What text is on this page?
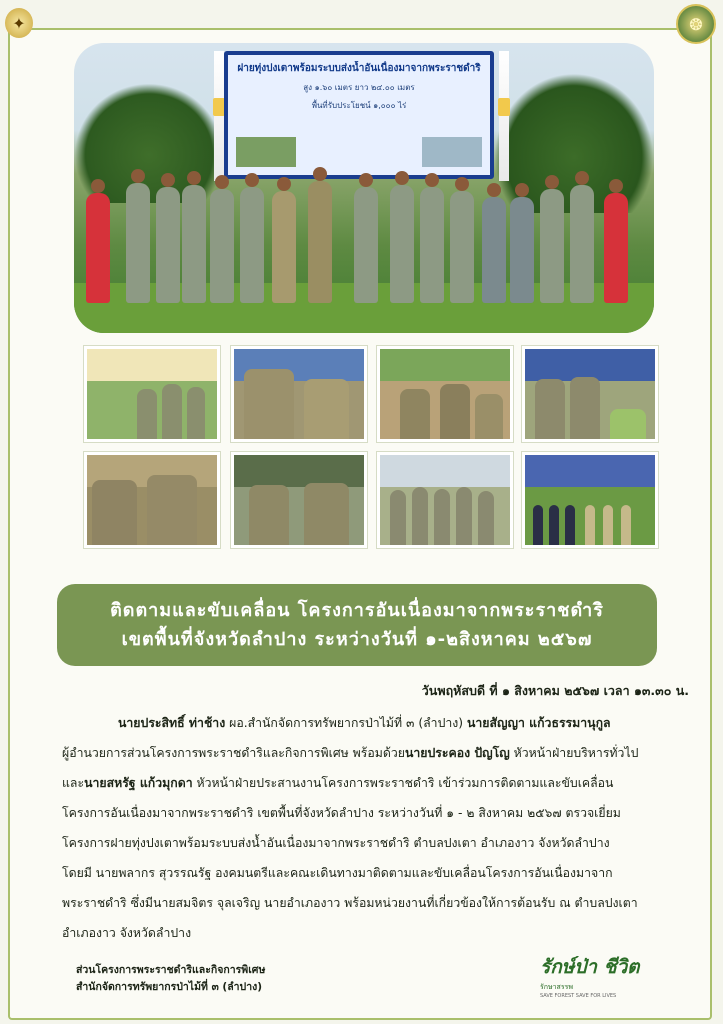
✦	❂
ฝายทุ่งปงเตาพร้อมระบบส่งน้ำอันเนื่องมาจากพระราชดำริ
สูง ๑.๖๐ เมตร ยาว ๒๔.๐๐ เมตร
พื้นที่รับประโยชน์ ๑,๐๐๐ ไร่
ติดตามและขับเคลื่อน โครงการอันเนื่องมาจากพระราชดำริ
เขตพื้นที่จังหวัดลำปาง ระหว่างวันที่ ๑-๒สิงหาคม ๒๕๖๗
วันพฤหัสบดี ที่ ๑ สิงหาคม ๒๕๖๗ เวลา ๑๓.๓๐ น.

นายประสิทธิ์ ท่าช้าง ผอ.สำนักจัดการทรัพยากรป่าไม้ที่ ๓ (ลำปาง) นายสัญญา แก้วธรรมานุกูล

ผู้อำนวยการส่วนโครงการพระราชดำริและกิจการพิเศษ พร้อมด้วยนายประคอง ปัญโญ หัวหน้าฝ่ายบริหารทั่วไป

และนายสหรัฐ แก้วมุกดา หัวหน้าฝ่ายประสานงานโครงการพระราชดำริ เข้าร่วมการติดตามและขับเคลื่อน

โครงการอันเนื่องมาจากพระราชดำริ เขตพื้นที่จังหวัดลำปาง ระหว่างวันที่ ๑ - ๒ สิงหาคม ๒๕๖๗ ตรวจเยี่ยม

โครงการฝายทุ่งปงเตาพร้อมระบบส่งน้ำอันเนื่องมาจากพระราชดำริ ตำบลปงเตา อำเภองาว จังหวัดลำปาง

โดยมี นายพลากร สุวรรณรัฐ องคมนตรีและคณะเดินทางมาติดตามและขับเคลื่อนโครงการอันเนื่องมาจาก

พระราชดำริ ซึ่งมีนายสมจิตร จุลเจริญ นายอำเภองาว พร้อมหน่วยงานที่เกี่ยวข้องให้การต้อนรับ ณ ตำบลปงเตา

อำเภองาว จังหวัดลำปาง

ส่วนโครงการพระราชดำริและกิจการพิเศษ
สำนักจัดการทรัพยากรป่าไม้ที่ ๓ (ลำปาง)
รักษ์ป่า ชีวิต
รักษาสรรพ
SAVE FOREST SAVE FOR LIVES
